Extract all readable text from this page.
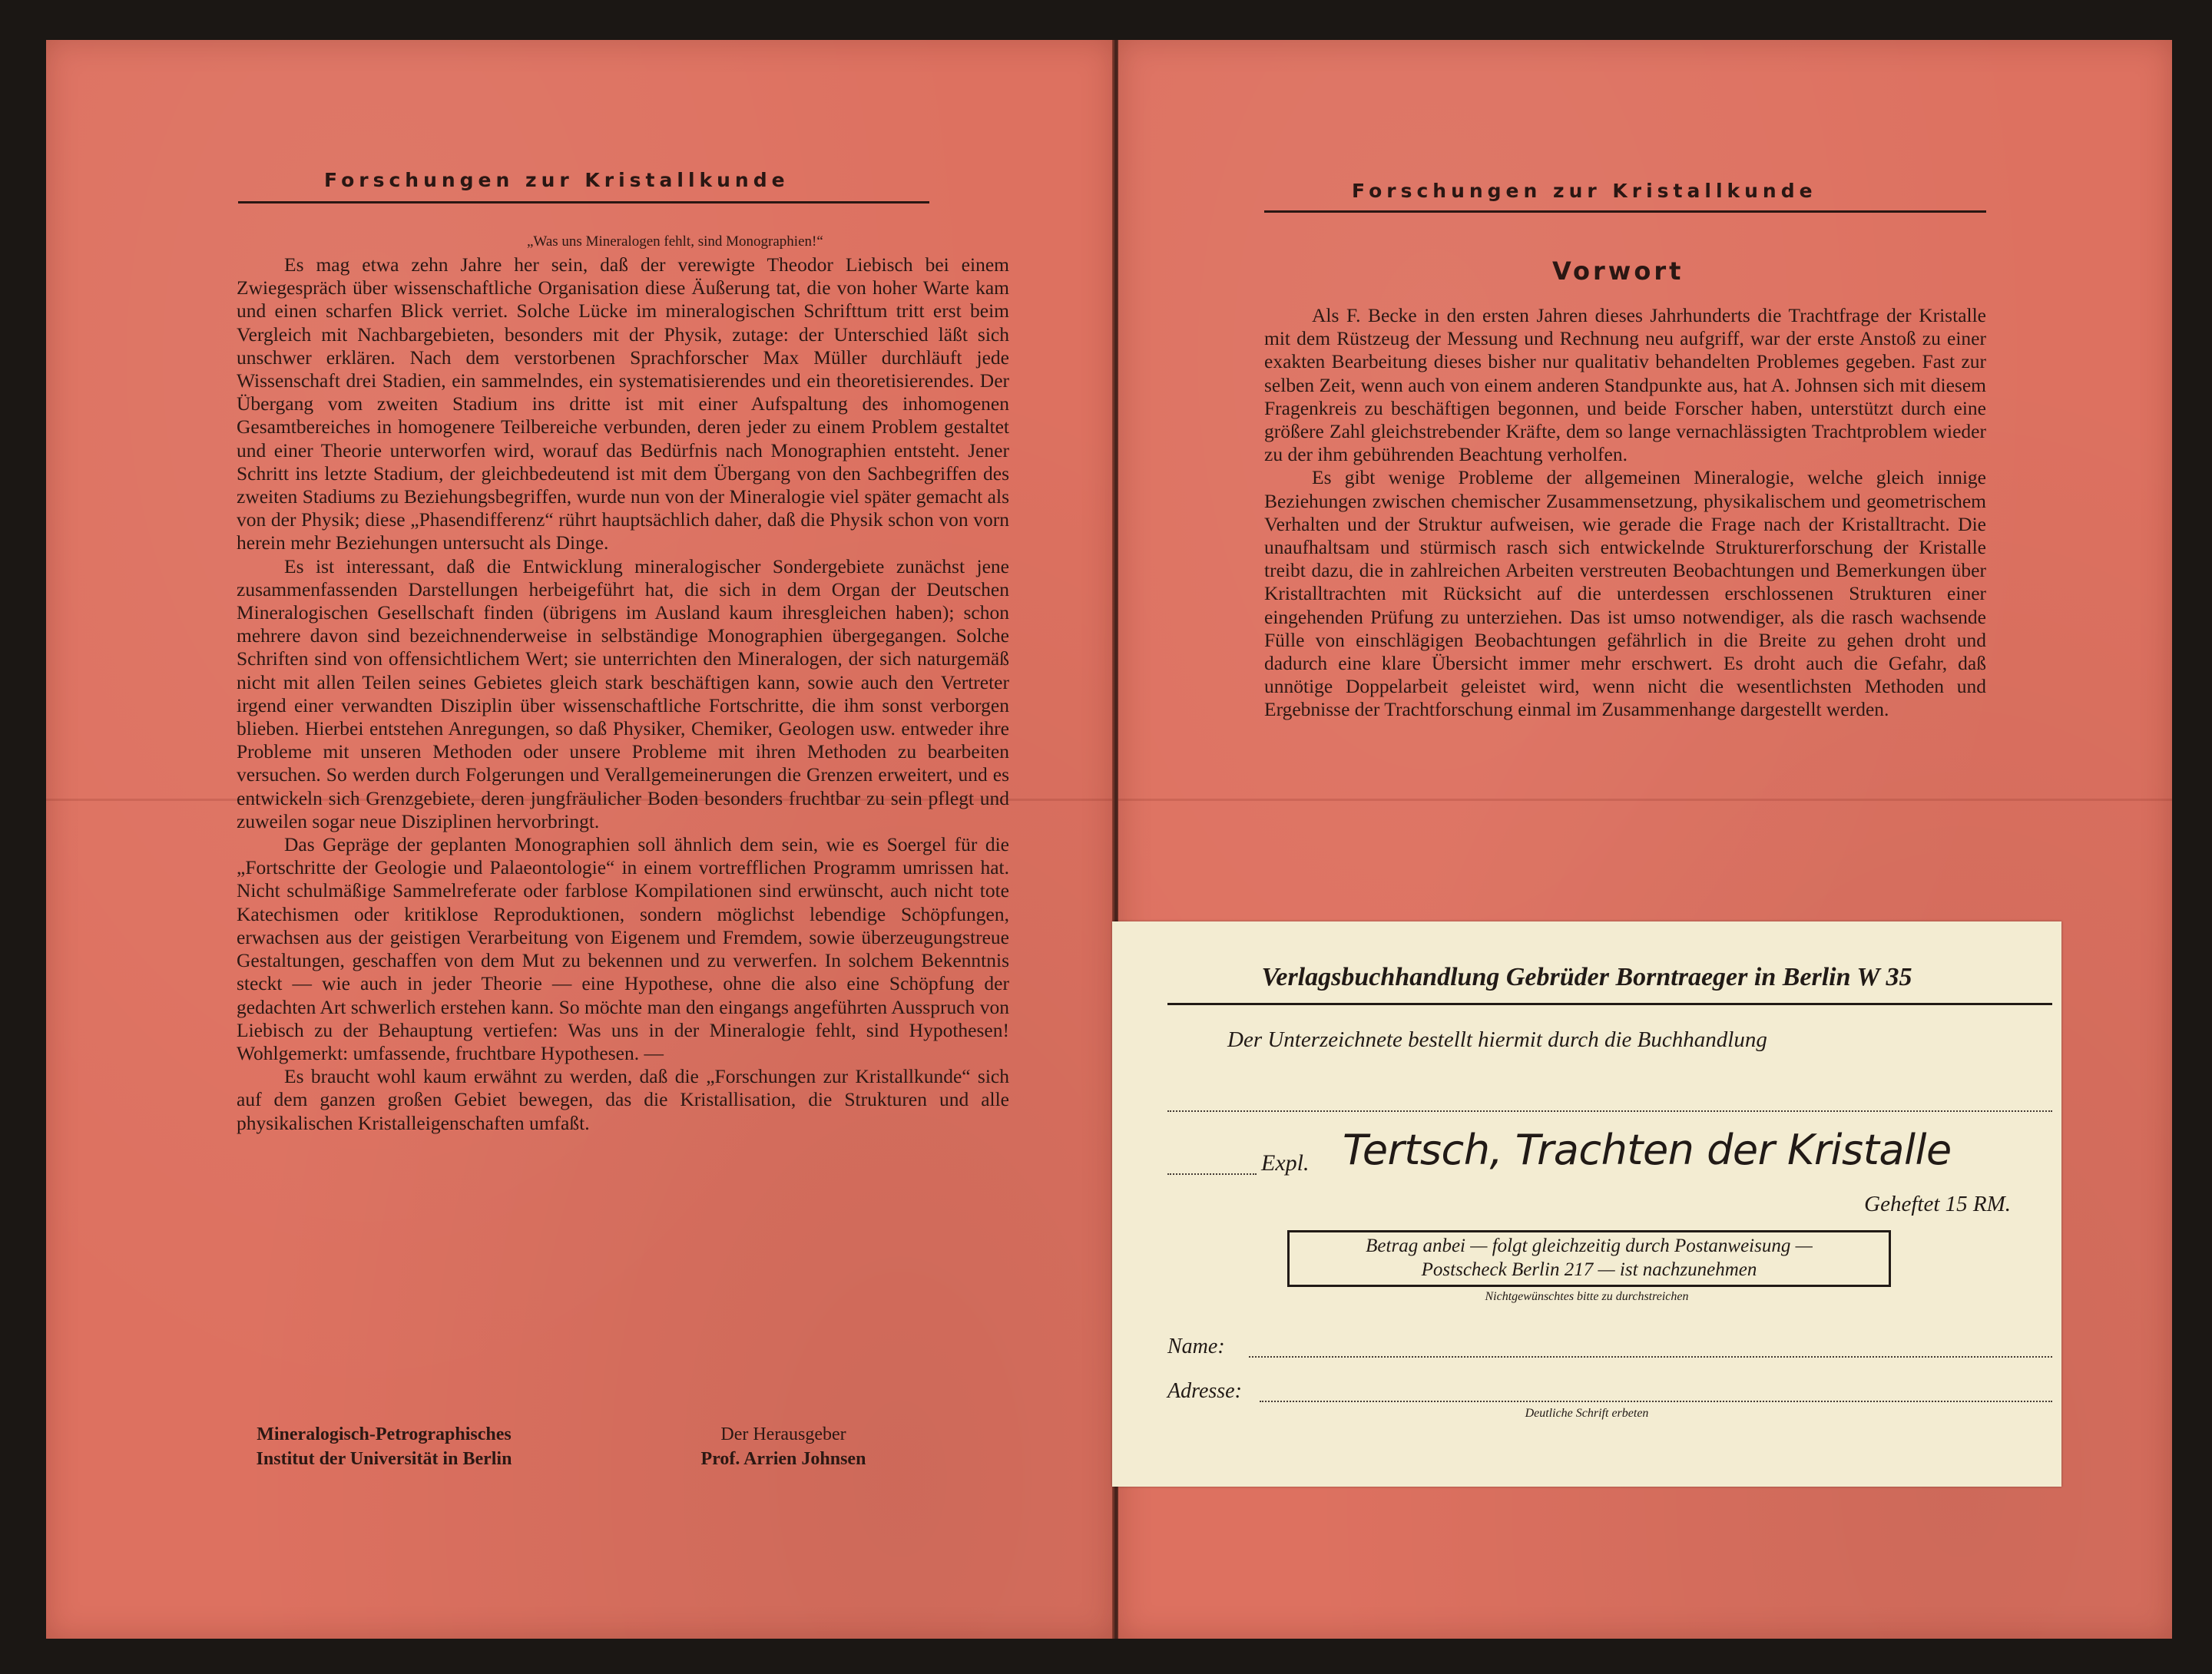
Forschungen zur Kristallkunde
„Was uns Mineralogen fehlt, sind Monographien!“

Es mag etwa zehn Jahre her sein, daß der verewigte Theodor Liebisch bei einem Zwiegespräch über wissenschaftliche Organisation diese Äußerung tat, die von hoher Warte kam und einen scharfen Blick verriet. Solche Lücke im mineralogischen Schrifttum tritt erst beim Vergleich mit Nachbargebieten, besonders mit der Physik, zutage: der Unterschied läßt sich unschwer erklären. Nach dem verstorbenen Sprachforscher Max Müller durchläuft jede Wissenschaft drei Stadien, ein sammelndes, ein systematisierendes und ein theoretisierendes. Der Übergang vom zweiten Stadium ins dritte ist mit einer Aufspaltung des inhomogenen Gesamtbereiches in homogenere Teilbereiche verbunden, deren jeder zu einem Problem gestaltet und einer Theorie unterworfen wird, worauf das Bedürfnis nach Monographien entsteht. Jener Schritt ins letzte Stadium, der gleichbedeutend ist mit dem Übergang von den Sachbegriffen des zweiten Stadiums zu Beziehungsbegriffen, wurde nun von der Mineralogie viel später gemacht als von der Physik; diese „Phasendifferenz“ rührt hauptsächlich daher, daß die Physik schon von vorn herein mehr Beziehungen untersucht als Dinge.

Es ist interessant, daß die Entwicklung mineralogischer Sondergebiete zunächst jene zusammenfassenden Darstellungen herbeigeführt hat, die sich in dem Organ der Deutschen Mineralogischen Gesellschaft finden (übrigens im Ausland kaum ihresgleichen haben); schon mehrere davon sind bezeichnenderweise in selbständige Monographien übergegangen. Solche Schriften sind von offensichtlichem Wert; sie unterrichten den Mineralogen, der sich naturgemäß nicht mit allen Teilen seines Gebietes gleich stark beschäftigen kann, sowie auch den Vertreter irgend einer verwandten Disziplin über wissenschaftliche Fortschritte, die ihm sonst verborgen blieben. Hierbei entstehen Anregungen, so daß Physiker, Chemiker, Geologen usw. entweder ihre Probleme mit unseren Methoden oder unsere Probleme mit ihren Methoden zu bearbeiten versuchen. So werden durch Folgerungen und Verallgemeinerungen die Grenzen erweitert, und es entwickeln sich Grenzgebiete, deren jungfräulicher Boden besonders fruchtbar zu sein pflegt und zuweilen sogar neue Disziplinen hervorbringt.

Das Gepräge der geplanten Monographien soll ähnlich dem sein, wie es Soergel für die „Fortschritte der Geologie und Palaeontologie“ in einem vortrefflichen Programm umrissen hat. Nicht schulmäßige Sammelreferate oder farblose Kompilationen sind erwünscht, auch nicht tote Katechismen oder kritiklose Reproduktionen, sondern möglichst lebendige Schöpfungen, erwachsen aus der geistigen Verarbeitung von Eigenem und Fremdem, sowie überzeugungstreue Gestaltungen, geschaffen von dem Mut zu bekennen und zu verwerfen. In solchem Bekenntnis steckt — wie auch in jeder Theorie — eine Hypothese, ohne die also eine Schöpfung der gedachten Art schwerlich erstehen kann. So möchte man den eingangs angeführten Ausspruch von Liebisch zu der Behauptung vertiefen: Was uns in der Mineralogie fehlt, sind Hypothesen! Wohlgemerkt: umfassende, fruchtbare Hypothesen. —

Es braucht wohl kaum erwähnt zu werden, daß die „Forschungen zur Kristallkunde“ sich auf dem ganzen großen Gebiet bewegen, das die Kristallisation, die Strukturen und alle physikalischen Kristalleigenschaften umfaßt.

Mineralogisch-Petrographisches
Institut der Universität in Berlin
Der Herausgeber
Prof. Arrien Johnsen
Forschungen zur Kristallkunde
Vorwort

Als F. Becke in den ersten Jahren dieses Jahrhunderts die Trachtfrage der Kristalle mit dem Rüstzeug der Messung und Rechnung neu aufgriff, war der erste Anstoß zu einer exakten Bearbeitung dieses bisher nur qualitativ behandelten Problemes gegeben. Fast zur selben Zeit, wenn auch von einem anderen Standpunkte aus, hat A. Johnsen sich mit diesem Fragenkreis zu beschäftigen begonnen, und beide Forscher haben, unterstützt durch eine größere Zahl gleichstrebender Kräfte, dem so lange vernachlässigten Trachtproblem wieder zu der ihm gebührenden Beachtung verholfen.

Es gibt wenige Probleme der allgemeinen Mineralogie, welche gleich innige Beziehungen zwischen chemischer Zusammensetzung, physikalischem und geometrischem Verhalten und der Struktur aufweisen, wie gerade die Frage nach der Kristalltracht. Die unaufhaltsam und stürmisch rasch sich entwickelnde Strukturerforschung der Kristalle treibt dazu, die in zahlreichen Arbeiten verstreuten Beobachtungen und Bemerkungen über Kristalltrachten mit Rücksicht auf die unterdessen erschlossenen Strukturen einer eingehenden Prüfung zu unterziehen. Das ist umso notwendiger, als die rasch wachsende Fülle von einschlägigen Beobachtungen gefährlich in die Breite zu gehen droht und dadurch eine klare Übersicht immer mehr erschwert. Es droht auch die Gefahr, daß unnötige Doppelarbeit geleistet wird, wenn nicht die wesentlichsten Methoden und Ergebnisse der Trachtforschung einmal im Zusammenhange dargestellt werden.

Verlagsbuchhandlung Gebrüder Borntraeger in Berlin W 35
Der Unterzeichnete bestellt hiermit durch die Buchhandlung
Expl. Tertsch, Trachten der Kristalle
Geheftet 15 RM.
Betrag anbei — folgt gleichzeitig durch Postanweisung —
Postscheck Berlin 217 — ist nachzunehmen
Nichtgewünschtes bitte zu durchstreichen
Name:
Adresse:
Deutliche Schrift erbeten
